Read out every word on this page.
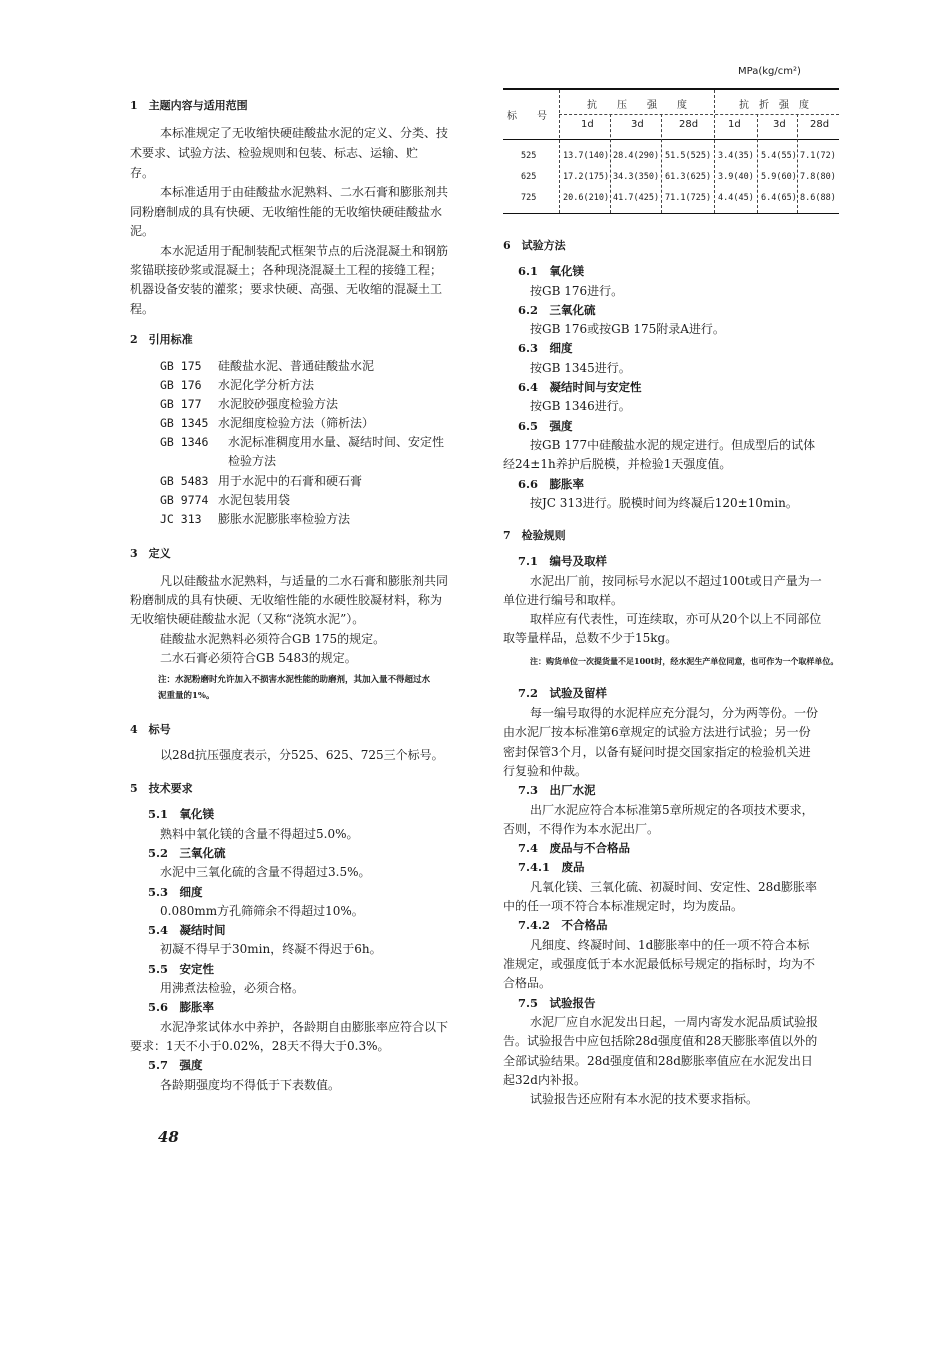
1　主题内容与适用范围
本标准规定了无收缩快硬硅酸盐水泥的定义、分类、技
术要求、试验方法、检验规则和包装、标志、运输、贮
存。
本标准适用于由硅酸盐水泥熟料、二水石膏和膨胀剂共
同粉磨制成的具有快硬、无收缩性能的无收缩快硬硅酸盐水
泥。
本水泥适用于配制装配式框架节点的后浇混凝土和钢筋
浆锚联接砂浆或混凝土；各种现浇混凝土工程的接缝工程；
机器设备安装的灌浆；要求快硬、高强、无收缩的混凝土工
程。
2　引用标准
GB 175 硅酸盐水泥、普通硅酸盐水泥
GB 176 水泥化学分析方法
GB 177 水泥胶砂强度检验方法
GB 1345 水泥细度检验方法（筛析法）
GB 1346 水泥标准稠度用水量、凝结时间、安定性
检验方法
GB 5483 用于水泥中的石膏和硬石膏
GB 9774 水泥包装用袋
JC 313 膨胀水泥膨胀率检验方法
3　定义
凡以硅酸盐水泥熟料，与适量的二水石膏和膨胀剂共同
粉磨制成的具有快硬、无收缩性能的水硬性胶凝材料，称为
无收缩快硬硅酸盐水泥（又称“浇筑水泥”）。
硅酸盐水泥熟料必须符合GB 175的规定。
二水石膏必须符合GB 5483的规定。
注：水泥粉磨时允许加入不损害水泥性能的助磨剂，其加入量不得超过水
泥重量的1%。
4　标号
以28d抗压强度表示，分525、625、725三个标号。
5　技术要求
5.1　氧化镁
熟料中氧化镁的含量不得超过5.0%。
5.2　三氧化硫
水泥中三氧化硫的含量不得超过3.5%。
5.3　细度
0.080mm方孔筛筛余不得超过10%。
5.4　凝结时间
初凝不得早于30min，终凝不得迟于6h。
5.5　安定性
用沸煮法检验，必须合格。
5.6　膨胀率
水泥净浆试体水中养护，各龄期自由膨胀率应符合以下
要求：1天不小于0.02%，28天不得大于0.3%。
5.7　强度
各龄期强度均不得低于下表数值。
48
MPa(kg/cm²)
标　　号
抗　　压　　强　　度	抗　折　强　度
1d	3d	28d	1d	3d 28d
525	13.7(140) 28.4(290) 51.5(525) 3.4(35) 5.4(55) 7.1(72)
625	17.2(175) 34.3(350) 61.3(625) 3.9(40) 5.9(60) 7.8(80)
725	20.6(210) 41.7(425) 71.1(725) 4.4(45) 6.4(65) 8.6(88)
6　试验方法
6.1　氧化镁
按GB 176进行。
6.2　三氧化硫
按GB 176或按GB 175附录A进行。
6.3　细度
按GB 1345进行。
6.4　凝结时间与安定性
按GB 1346进行。
6.5　强度
按GB 177中硅酸盐水泥的规定进行。但成型后的试体
经24±1h养护后脱模，并检验1天强度值。
6.6　膨胀率
按JC 313进行。脱模时间为终凝后120±10min。
7　检验规则
7.1　编号及取样
水泥出厂前，按同标号水泥以不超过100t或日产量为一
单位进行编号和取样。
取样应有代表性，可连续取，亦可从20个以上不同部位
取等量样品，总数不少于15kg。
注：购货单位一次提货量不足100t时，经水泥生产单位同意，也可作为一个取样单位。
7.2　试验及留样
每一编号取得的水泥样应充分混匀，分为两等份。一份
由水泥厂按本标准第6章规定的试验方法进行试验；另一份
密封保管3个月，以备有疑问时提交国家指定的检验机关进
行复验和仲裁。
7.3　出厂水泥
出厂水泥应符合本标准第5章所规定的各项技术要求，
否则，不得作为本水泥出厂。
7.4　废品与不合格品
7.4.1　废品
凡氧化镁、三氧化硫、初凝时间、安定性、28d膨胀率
中的任一项不符合本标准规定时，均为废品。
7.4.2　不合格品
凡细度、终凝时间、1d膨胀率中的任一项不符合本标
准规定，或强度低于本水泥最低标号规定的指标时，均为不
合格品。
7.5　试验报告
水泥厂应自水泥发出日起，一周内寄发水泥品质试验报
告。试验报告中应包括除28d强度值和28天膨胀率值以外的
全部试验结果。28d强度值和28d膨胀率值应在水泥发出日
起32d内补报。
试验报告还应附有本水泥的技术要求指标。
